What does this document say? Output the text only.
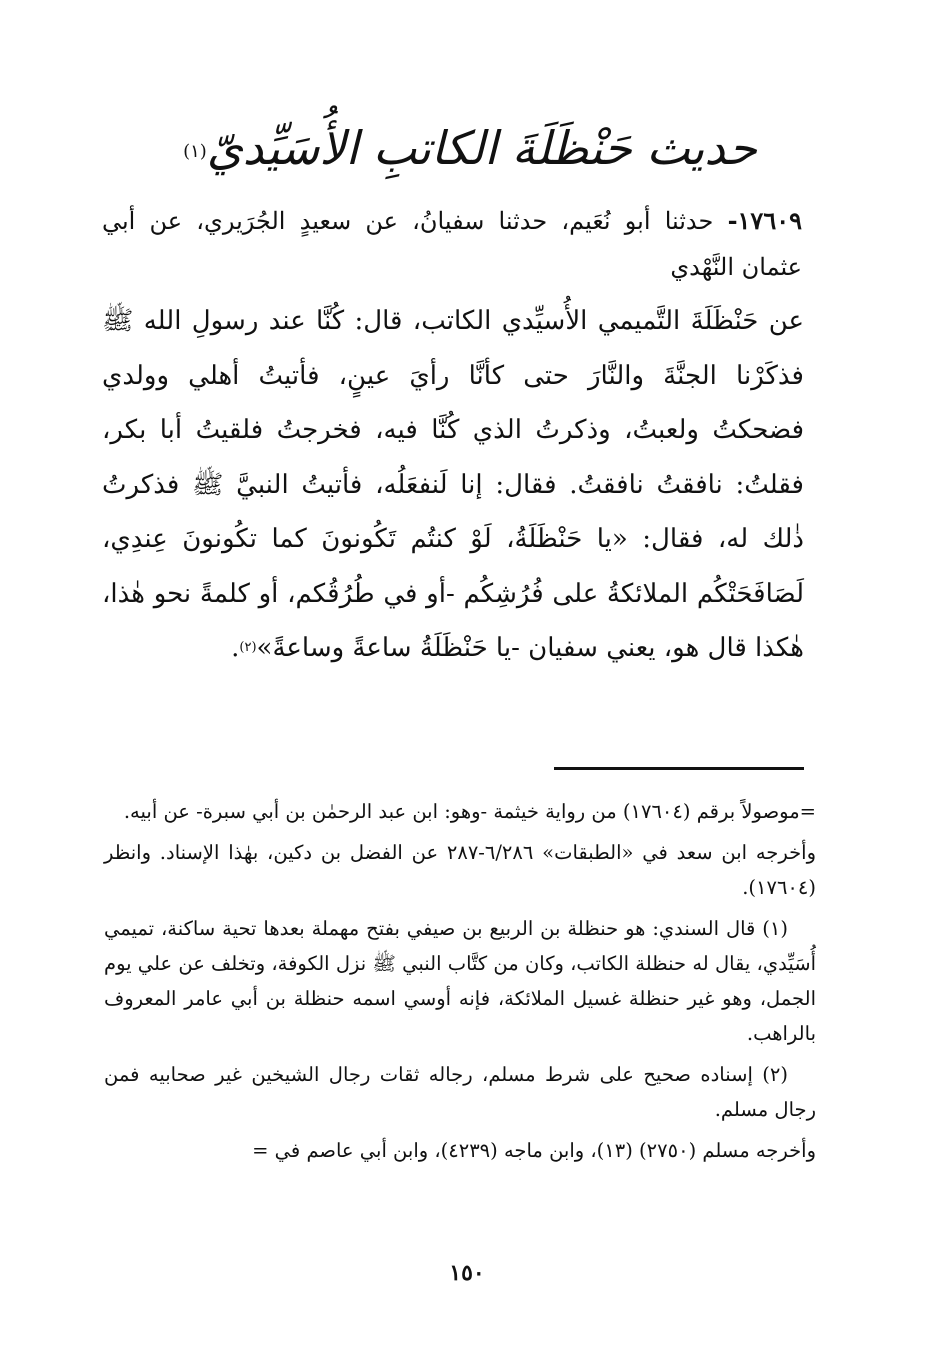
حديث حَنْظَلَةَ الكاتبِ الأُسَيِّديّ$^{(١)}$
١٧٦٠٩- حدثنا أبو نُعَيم، حدثنا سفيانُ، عن سعيدٍ الجُرَيري، عن أبي عثمان النَّهْدي
عن حَنْظَلَةَ التَّميمي الأُسيِّدي الكاتب، قال: كُنَّا عند رسولِ الله ﷺ فذكَرْنا الجنَّةَ والنَّارَ حتى كأنَّا رأيَ عينٍ، فأتيتُ أهلي وولدي فضحكتُ ولعبتُ، وذكرتُ الذي كُنَّا فيه، فخرجتُ فلقيتُ أبا بكر، فقلتُ: نافقتُ نافقتُ. فقال: إنا لَنفعَلُه، فأتيتُ النبيَّ ﷺ فذكرتُ ذٰلك له، فقال: «يا حَنْظَلَةُ، لَوْ كنتُم تَكُونونَ كما تكُونونَ عِندِي، لَصَافَحَتْكُم الملائكةُ على فُرُشِكُم -أو في طُرُقُكم، أو كلمةً نحو هٰذا، هٰكذا قال هو، يعني سفيان -يا حَنْظَلَةُ ساعةً وساعةً»$^{(٢)}$.

=موصولاً برقم (١٧٦٠٤) من رواية خيثمة -وهو: ابن عبد الرحمٰن بن أبي سبرة- عن أبيه.

وأخرجه ابن سعد في «الطبقات» ٦/٢٨٦-٢٨٧ عن الفضل بن دكين، بهٰذا الإسناد. وانظر (١٧٦٠٤).

(١) قال السندي: هو حنظلة بن الربيع بن صيفي بفتح مهملة بعدها تحية ساكنة، تميمي أُسَيِّدي، يقال له حنظلة الكاتب، وكان من كتَّاب النبي ﷺ نزل الكوفة، وتخلف عن علي يوم الجمل، وهو غير حنظلة غسيل الملائكة، فإنه أوسي اسمه حنظلة بن أبي عامر المعروف بالراهب.

(٢) إسناده صحيح على شرط مسلم، رجاله ثقات رجال الشيخين غير صحابيه فمن رجال مسلم.

وأخرجه مسلم (٢٧٥٠) (١٣)، وابن ماجه (٤٢٣٩)، وابن أبي عاصم في =

١٥٠
